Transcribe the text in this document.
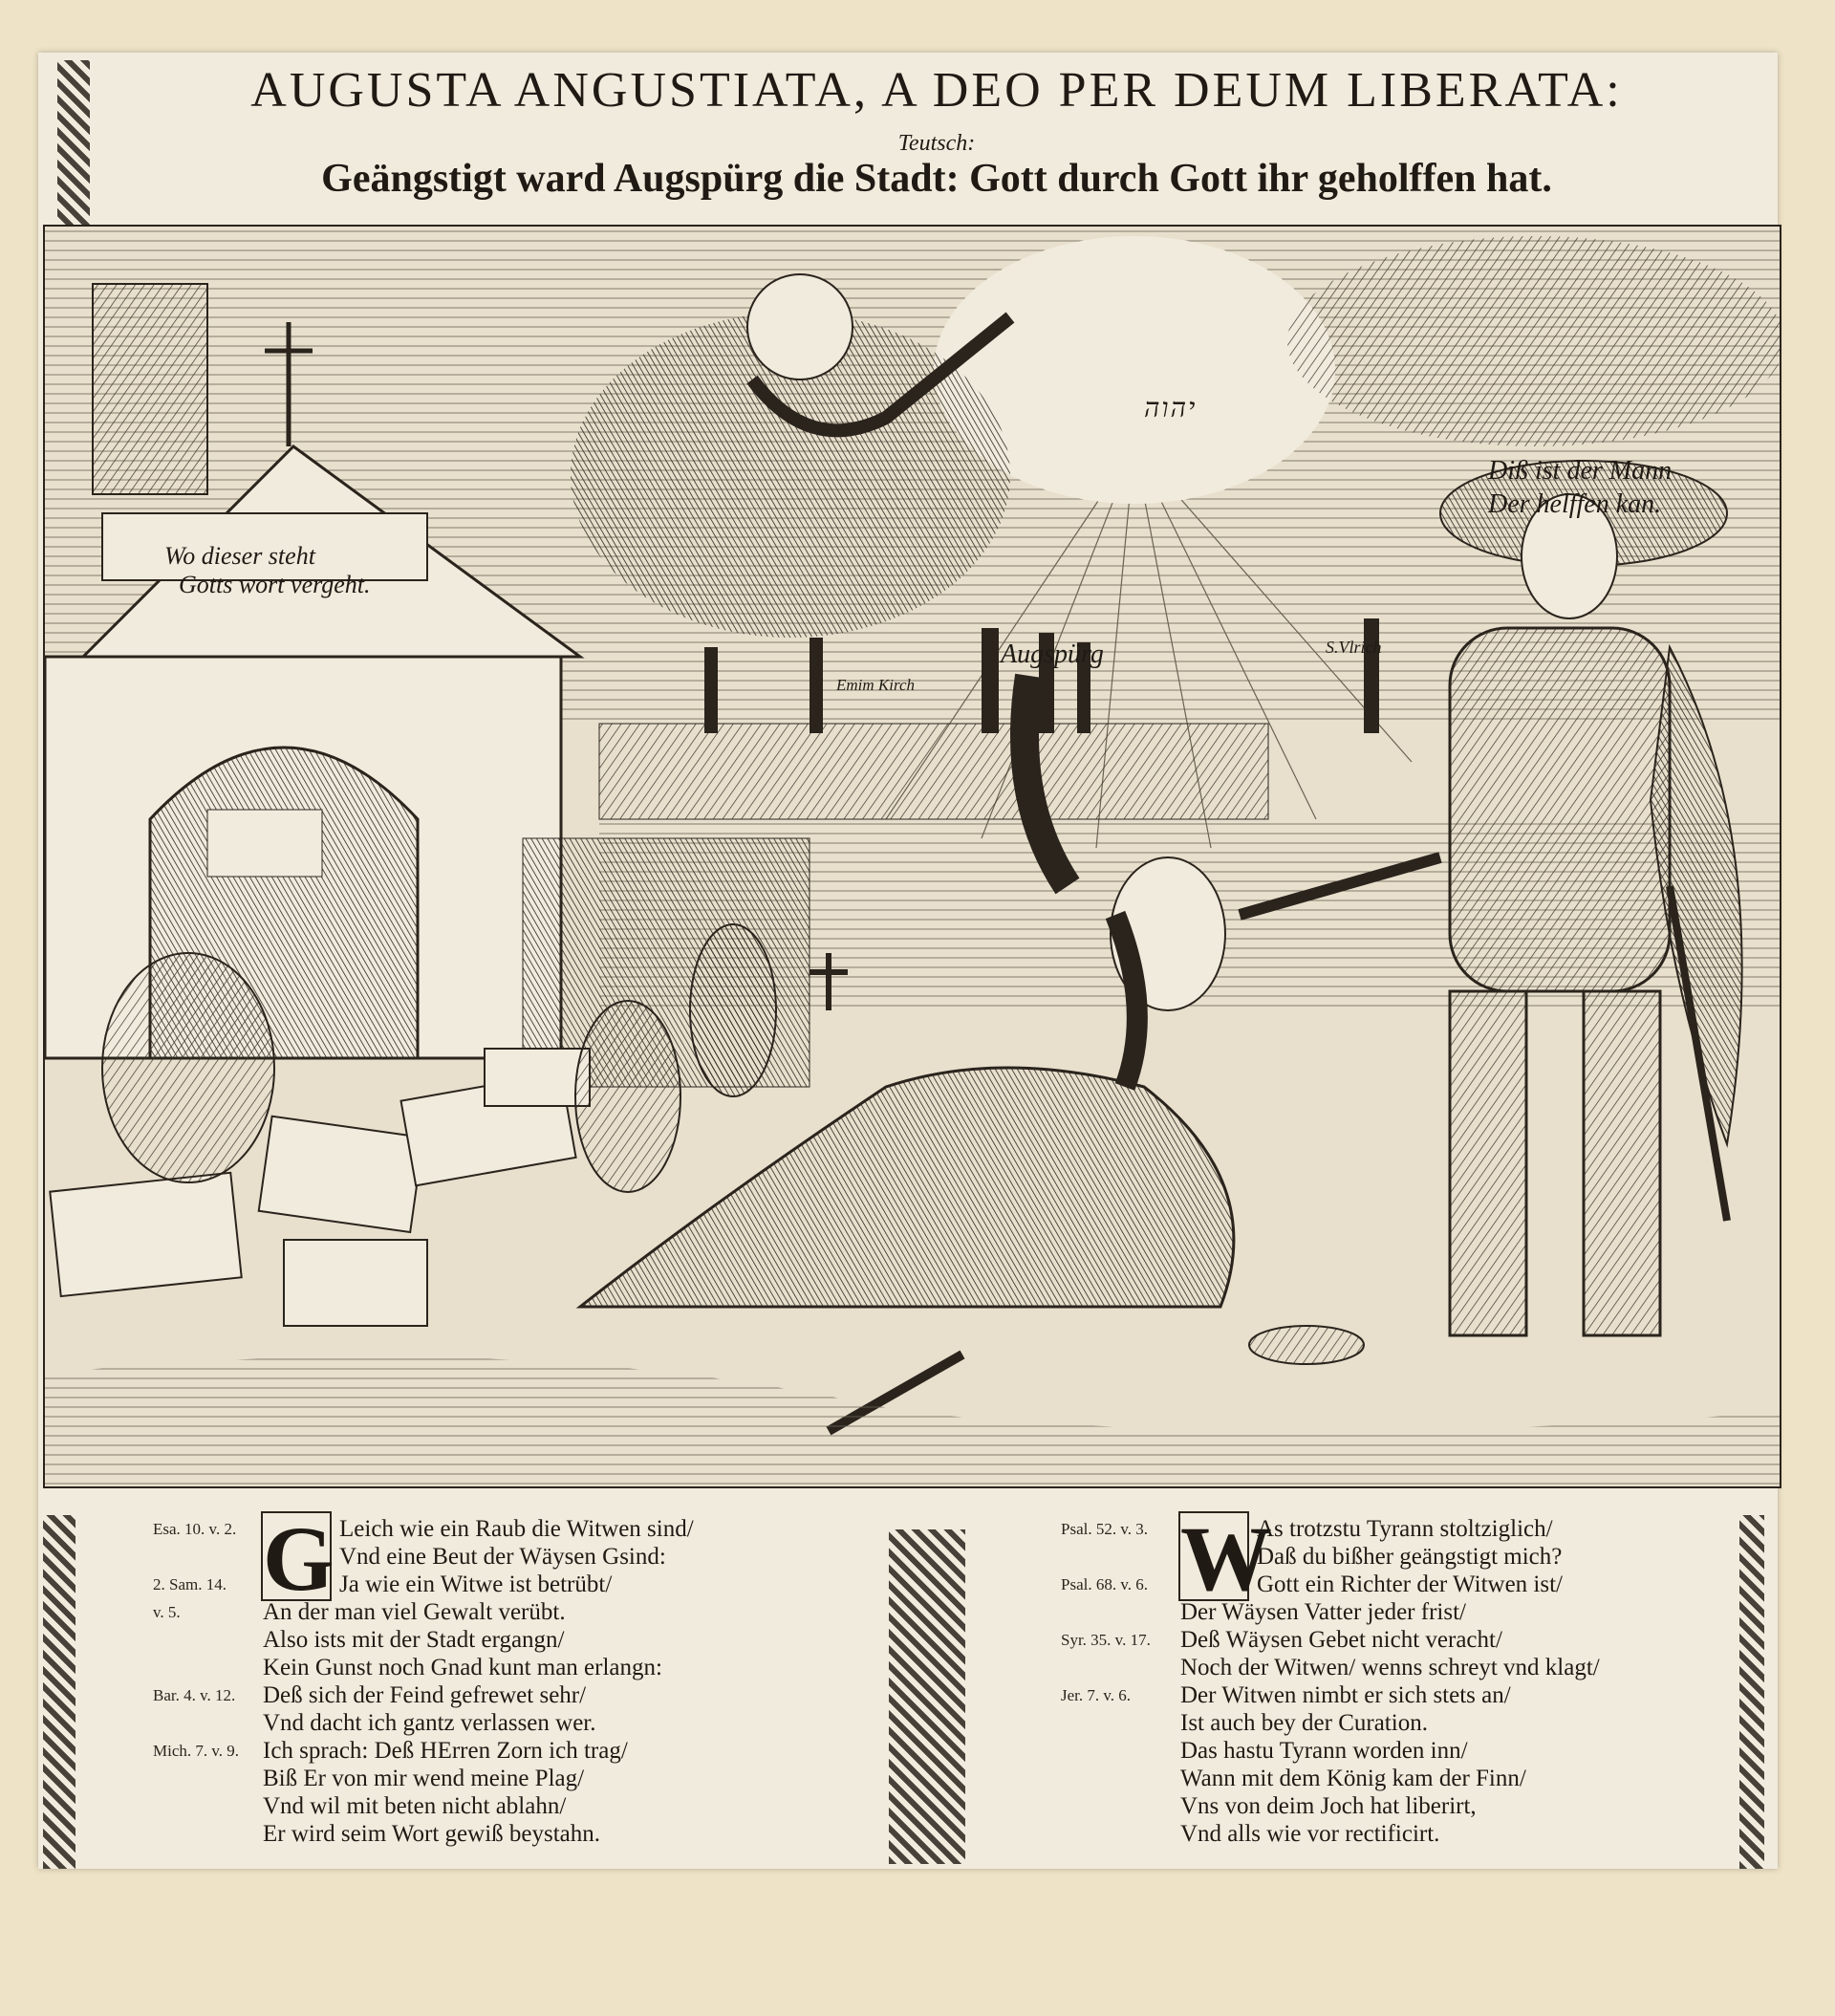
AUGUSTA ANGUSTIATA, A DEO PER DEUM LIBERATA:
Teutsch:
Geängstigt ward Augspürg die Stadt: Gott durch Gott ihr geholffen hat.
Wo dieser steht
Gotts wort vergeht.
Augspürg
Emim Kirch
S.Vlrich
יהוה
Diß ist der Mann
Der helffen kan.
G
Esa. 10. v. 2.	Leich wie ein Raub die Witwen sind/
Vnd eine Beut der Wäysen Gsind:
2. Sam. 14.	Ja wie ein Witwe ist betrübt/
v. 5.	An der man viel Gewalt verübt.
Also ists mit der Stadt ergangn/
Kein Gunst noch Gnad kunt man erlangn:
Bar. 4. v. 12.	Deß sich der Feind gefrewet sehr/
Vnd dacht ich gantz verlassen wer.
Mich. 7. v. 9. Ich sprach: Deß HErren Zorn ich trag/
Biß Er von mir wend meine Plag/
Vnd wil mit beten nicht ablahn/
Er wird seim Wort gewiß beystahn.
W
Psal. 52. v. 3.	As trotzstu Tyrann stoltziglich/
Daß du bißher geängstigt mich?
Psal. 68. v. 6.	Gott ein Richter der Witwen ist/
Der Wäysen Vatter jeder frist/
Syr. 35. v. 17.	Deß Wäysen Gebet nicht veracht/
Noch der Witwen/ wenns schreyt vnd klagt/
Jer. 7. v. 6.	Der Witwen nimbt er sich stets an/
Ist auch bey der Curation.
Das hastu Tyrann worden inn/
Wann mit dem König kam der Finn/
Vns von deim Joch hat liberirt,
Vnd alls wie vor rectificirt.
